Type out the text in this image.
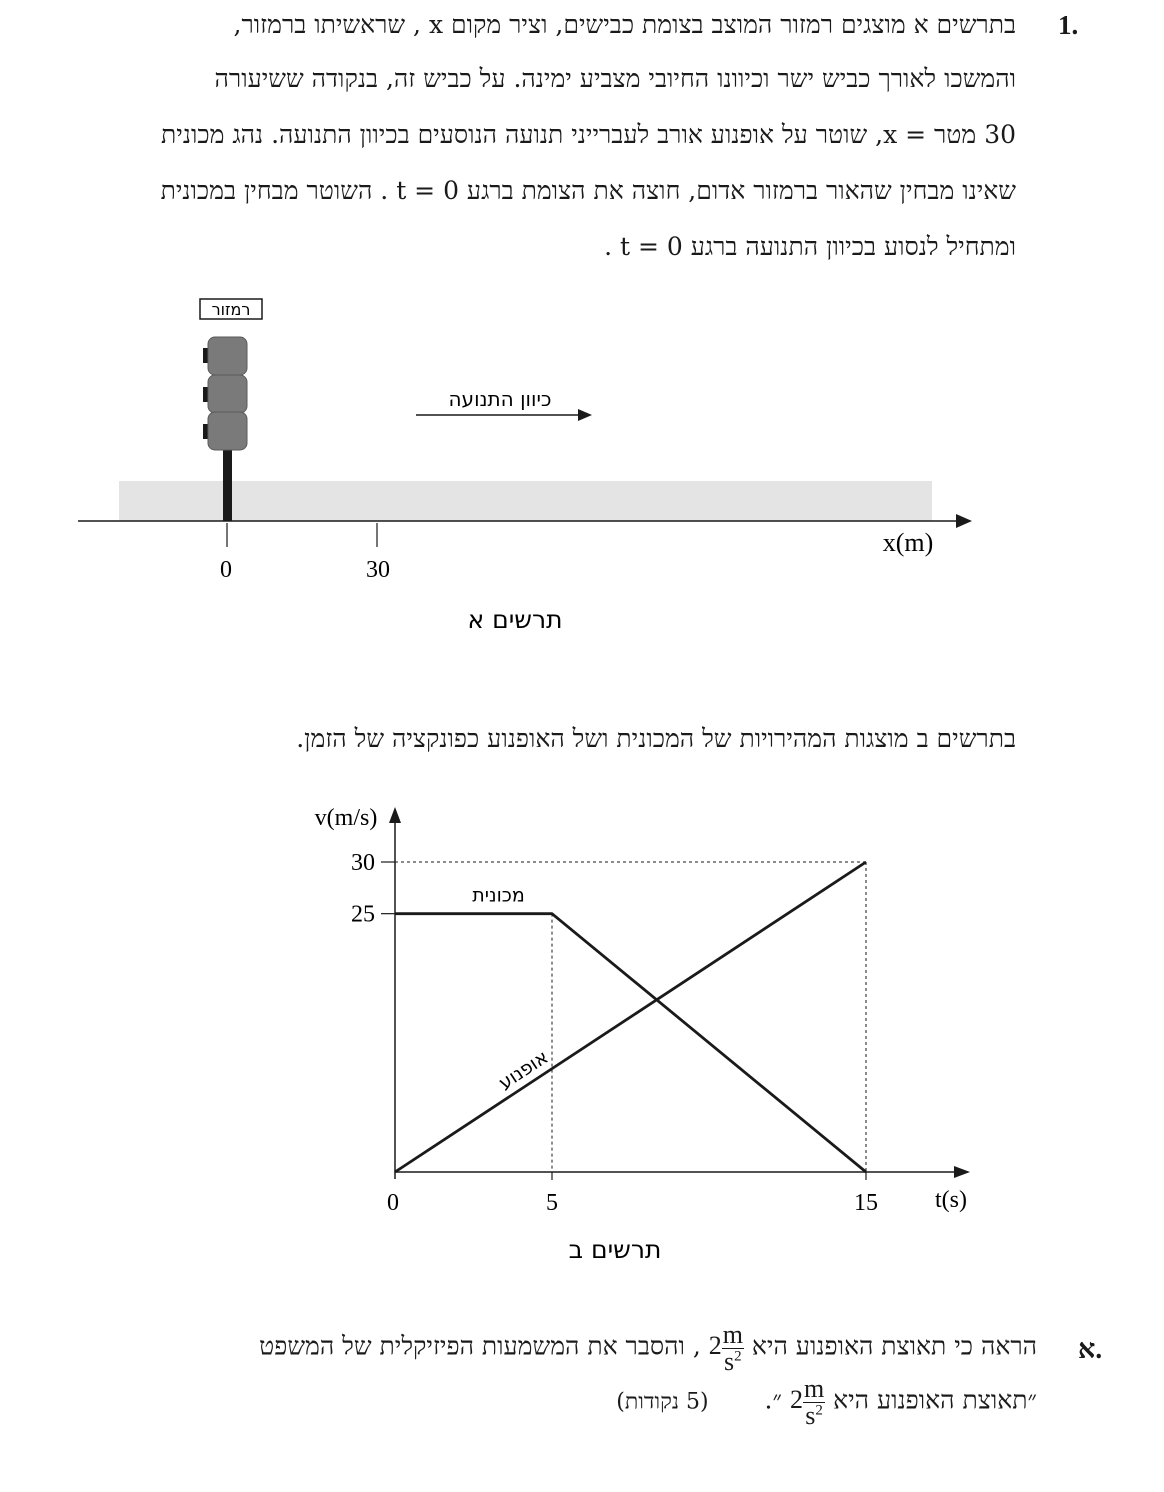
1.
בתרשים א מוצגים רמזור המוצב בצומת כבישים, וציר מקום x , שראשיתו ברמזור,
והמשכו לאורך כביש ישר וכיוונו החיובי מצביע ימינה. על כביש זה, בנקודה ששיעורה
30 מטר = x, שוטר על אופנוע אורב לעברייני תנועה הנוסעים בכיוון התנועה. נהג מכונית
שאינו מבחין שהאור ברמזור אדום, חוצה את הצומת ברגע t = 0 . השוטר מבחין במכונית
ומתחיל לנסוע בכיוון התנועה ברגע t = 0 .
רמזור
כיוון התנועה
0	30
x(m)
תרשים א
בתרשים ב מוצגות המהירויות של המכונית ושל האופנוע כפונקציה של הזמן.
v(m/s)
t(s)
תרשים ב
25
30
0	5	15
מכונית
אופנוע
א.
הראה כי תאוצת האופנוע היא $2 \frac{m}{s^2}$
, והסבר את המשמעות הפיזיקלית של המשפט
״תאוצת האופנוע היא $2 \frac{m}{s^2}$
״.  (5 נקודות)
